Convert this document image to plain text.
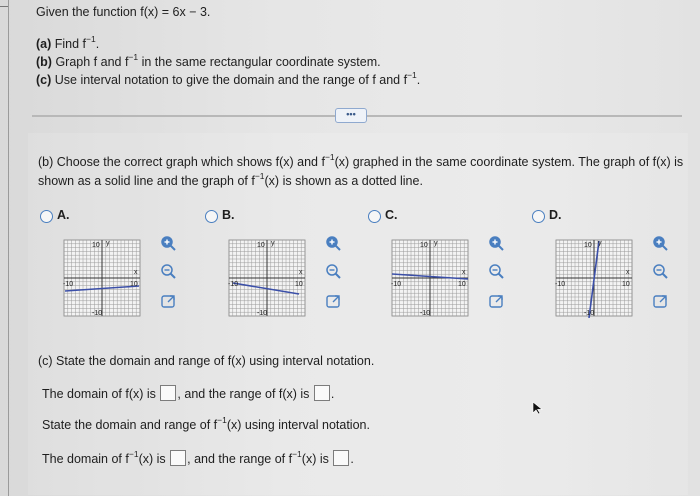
Given the function f(x) = 6x − 3.
(a) Find $f^{-1}$.
(b) Graph f and $f^{-1}$ in the same rectangular coordinate system.
(c) Use interval notation to give the domain and the range of f and $f^{-1}$.
•••
(b) Choose the correct graph which shows f(x) and $f^{-1}(x)$ graphed in the same coordinate system. The graph of f(x) is
shown as a solid line and the graph of $f^{-1}(x)$ is shown as a dotted line.
A.
10
-10
-10	10
y
x
B.
10
-10
-10	10
y
x
C.
10
-10
-10	10
y
x
D.
10
-10
-10	10
y
x
(c) State the domain and range of f(x) using interval notation.
The domain of f(x) is , and the range of f(x) is .
State the domain and range of $f^{-1}(x)$ using interval notation.
The domain of $f^{-1}(x)$ is , and the range of $f^{-1}(x)$ is .
